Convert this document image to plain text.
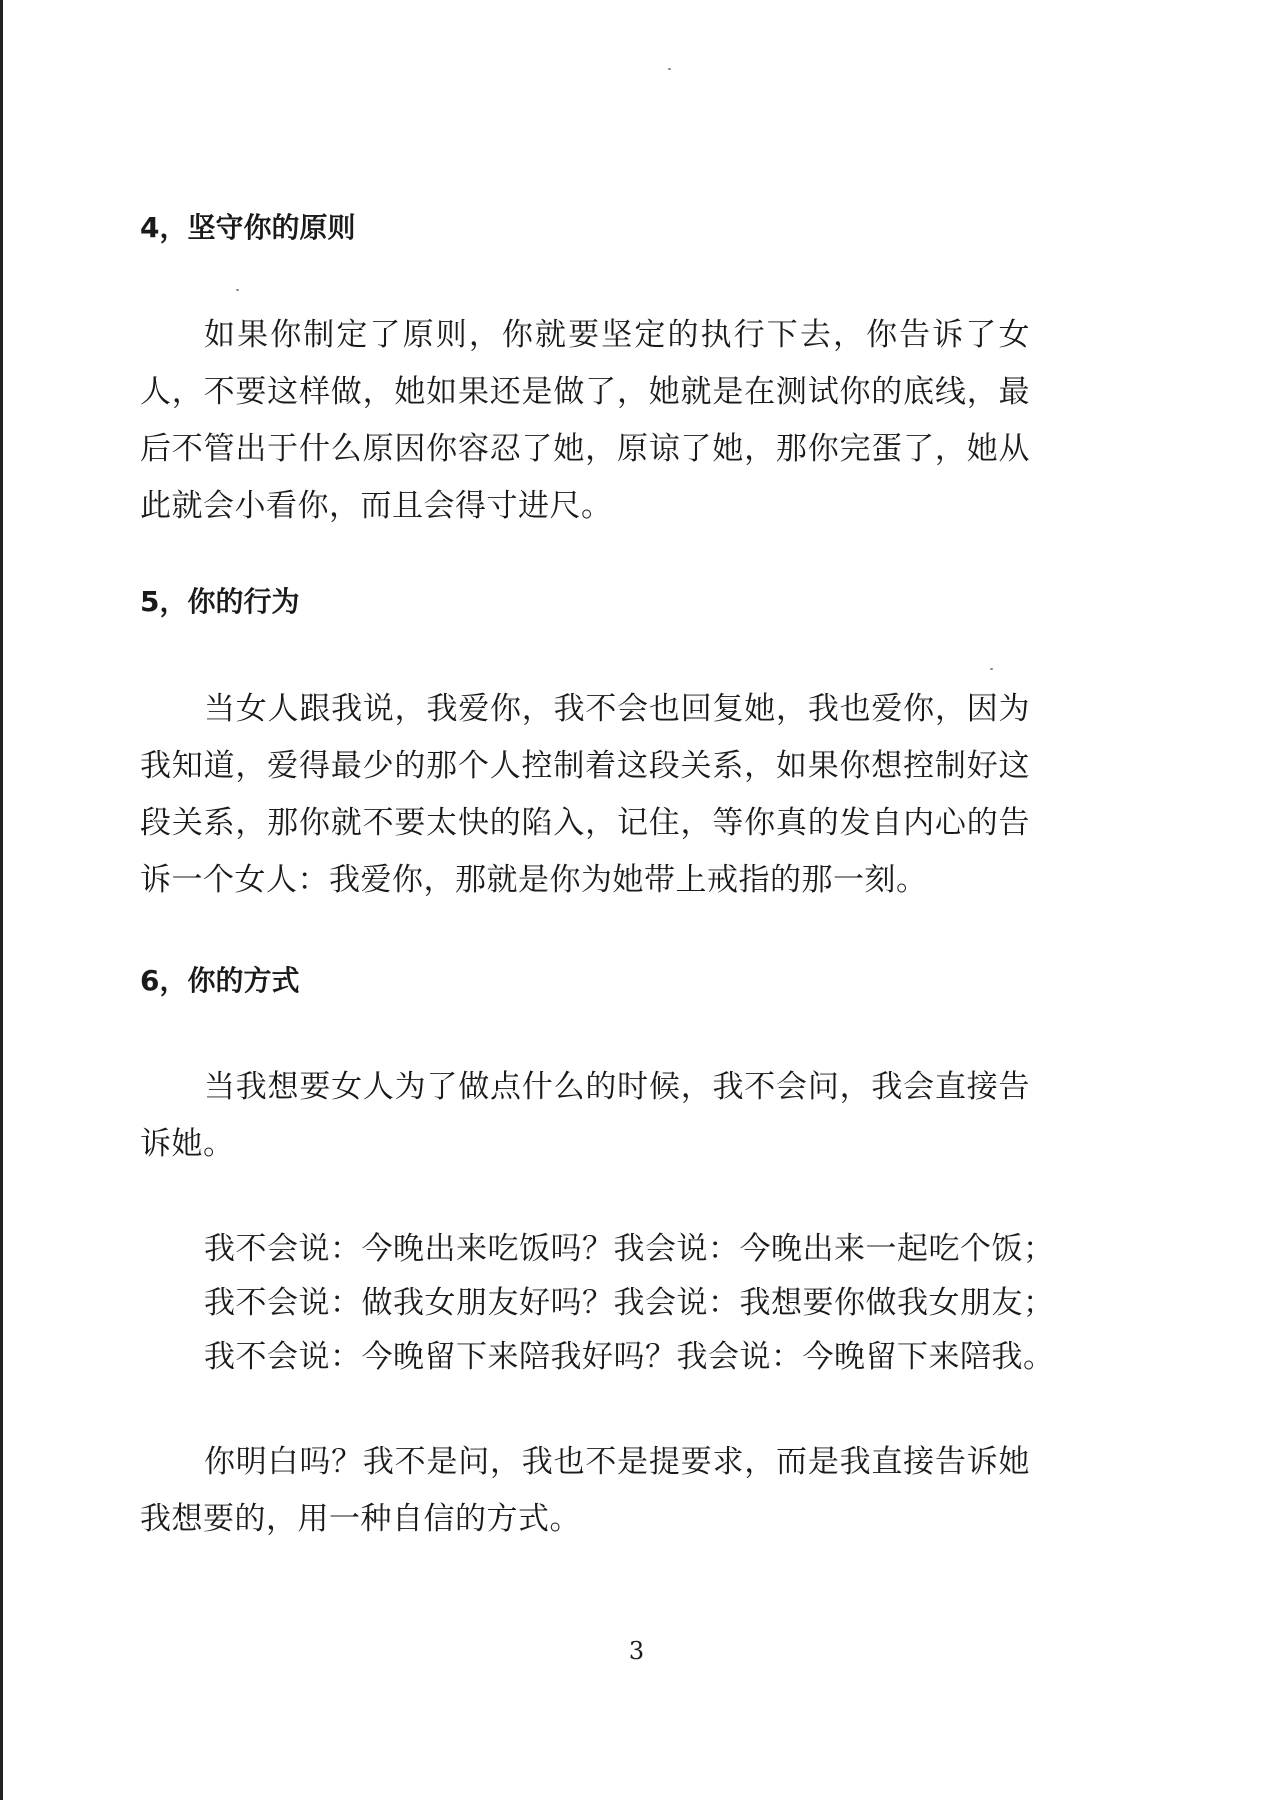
4，坚守你的原则

如果你制定了原则，你就要坚定的执行下去，你告诉了女人，不要这样做，她如果还是做了，她就是在测试你的底线，最后不管出于什么原因你容忍了她，原谅了她，那你完蛋了，她从此就会小看你，而且会得寸进尺。

5，你的行为

当女人跟我说，我爱你，我不会也回复她，我也爱你，因为我知道，爱得最少的那个人控制着这段关系，如果你想控制好这段关系，那你就不要太快的陷入，记住，等你真的发自内心的告诉一个女人：我爱你，那就是你为她带上戒指的那一刻。

6，你的方式

当我想要女人为了做点什么的时候，我不会问，我会直接告诉她。

我不会说：今晚出来吃饭吗？我会说：今晚出来一起吃个饭；

我不会说：做我女朋友好吗？我会说：我想要你做我女朋友；

我不会说：今晚留下来陪我好吗？我会说：今晚留下来陪我。

你明白吗？我不是问，我也不是提要求，而是我直接告诉她我想要的，用一种自信的方式。

3
